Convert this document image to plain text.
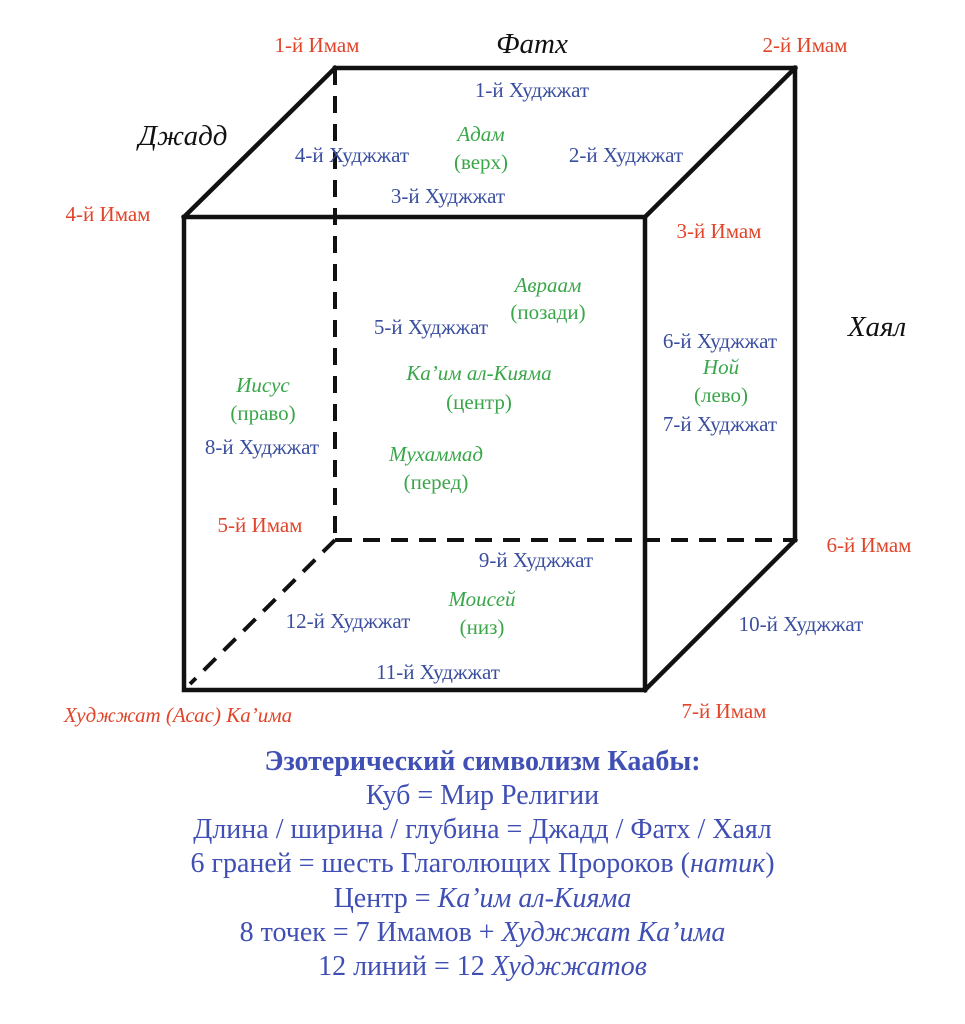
Фатх
Джадд
Хаял
1-й Имам	2-й Имам
3-й Имам
4-й Имам
5-й Имам
6-й Имам
7-й Имам
Худжжат (Асас) Ка’има
1-й Худжжат
2-й Худжжат
3-й Худжжат
4-й Худжжат
5-й Худжжат
6-й Худжжат
7-й Худжжат
8-й Худжжат
9-й Худжжат
10-й Худжжат
11-й Худжжат
12-й Худжжат
Адам
(верх)
Авраам
(позади)
Ной
(лево)
Иисус
(право)
Ка’им ал-Кияма
(центр)
Мухаммад
(перед)
Моисей
(низ)
Эзотерический символизм Каабы:
Куб = Мир Религии
Длина / ширина / глубина = Джадд / Фатх / Хаял
6 граней = шесть Глаголющих Пророков (натик)
Центр = Ка’им ал-Кияма
8 точек = 7 Имамов + Худжжат Ка’има
12 линий = 12 Худжжатов
